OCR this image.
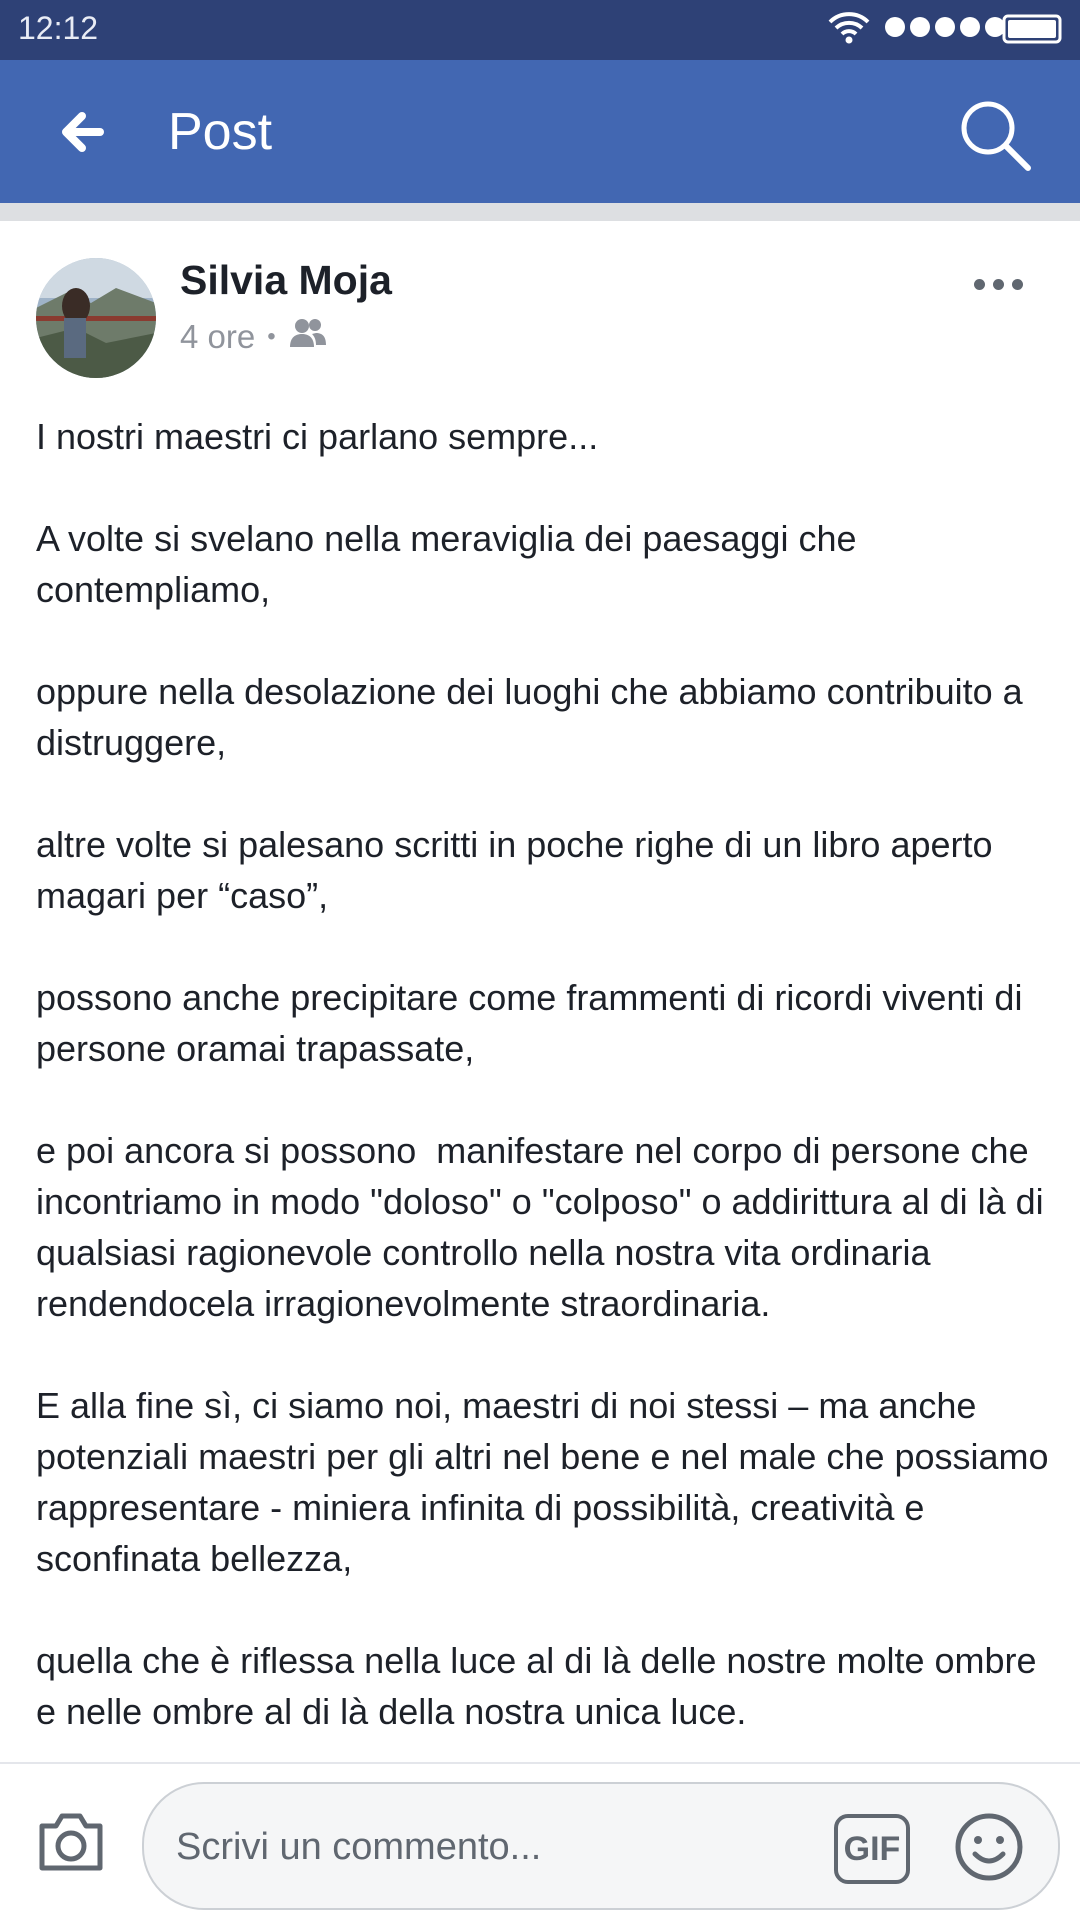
12:12
Post
Silvia Moja
4 ore •

I nostri maestri ci parlano sempre...

A volte si svelano nella meraviglia dei paesaggi che contempliamo,

oppure nella desolazione dei luoghi che abbiamo contribuito a distruggere,

altre volte si palesano scritti in poche righe di un libro aperto magari per “caso”,

possono anche precipitare come frammenti di ricordi viventi di persone oramai trapassate,

e poi ancora si possono  manifestare nel corpo di persone che incontriamo in modo "doloso" o "colposo" o addirittura al di là di qualsiasi ragionevole controllo nella nostra vita ordinaria rendendocela irragionevolmente straordinaria.

E alla fine sì, ci siamo noi, maestri di noi stessi – ma anche potenziali maestri per gli altri nel bene e nel male che possiamo rappresentare - miniera infinita di possibilità, creatività e sconfinata bellezza,

quella che è riflessa nella luce al di là delle nostre molte ombre e nelle ombre al di là della nostra unica luce.

Scrivi un commento...
GIF
